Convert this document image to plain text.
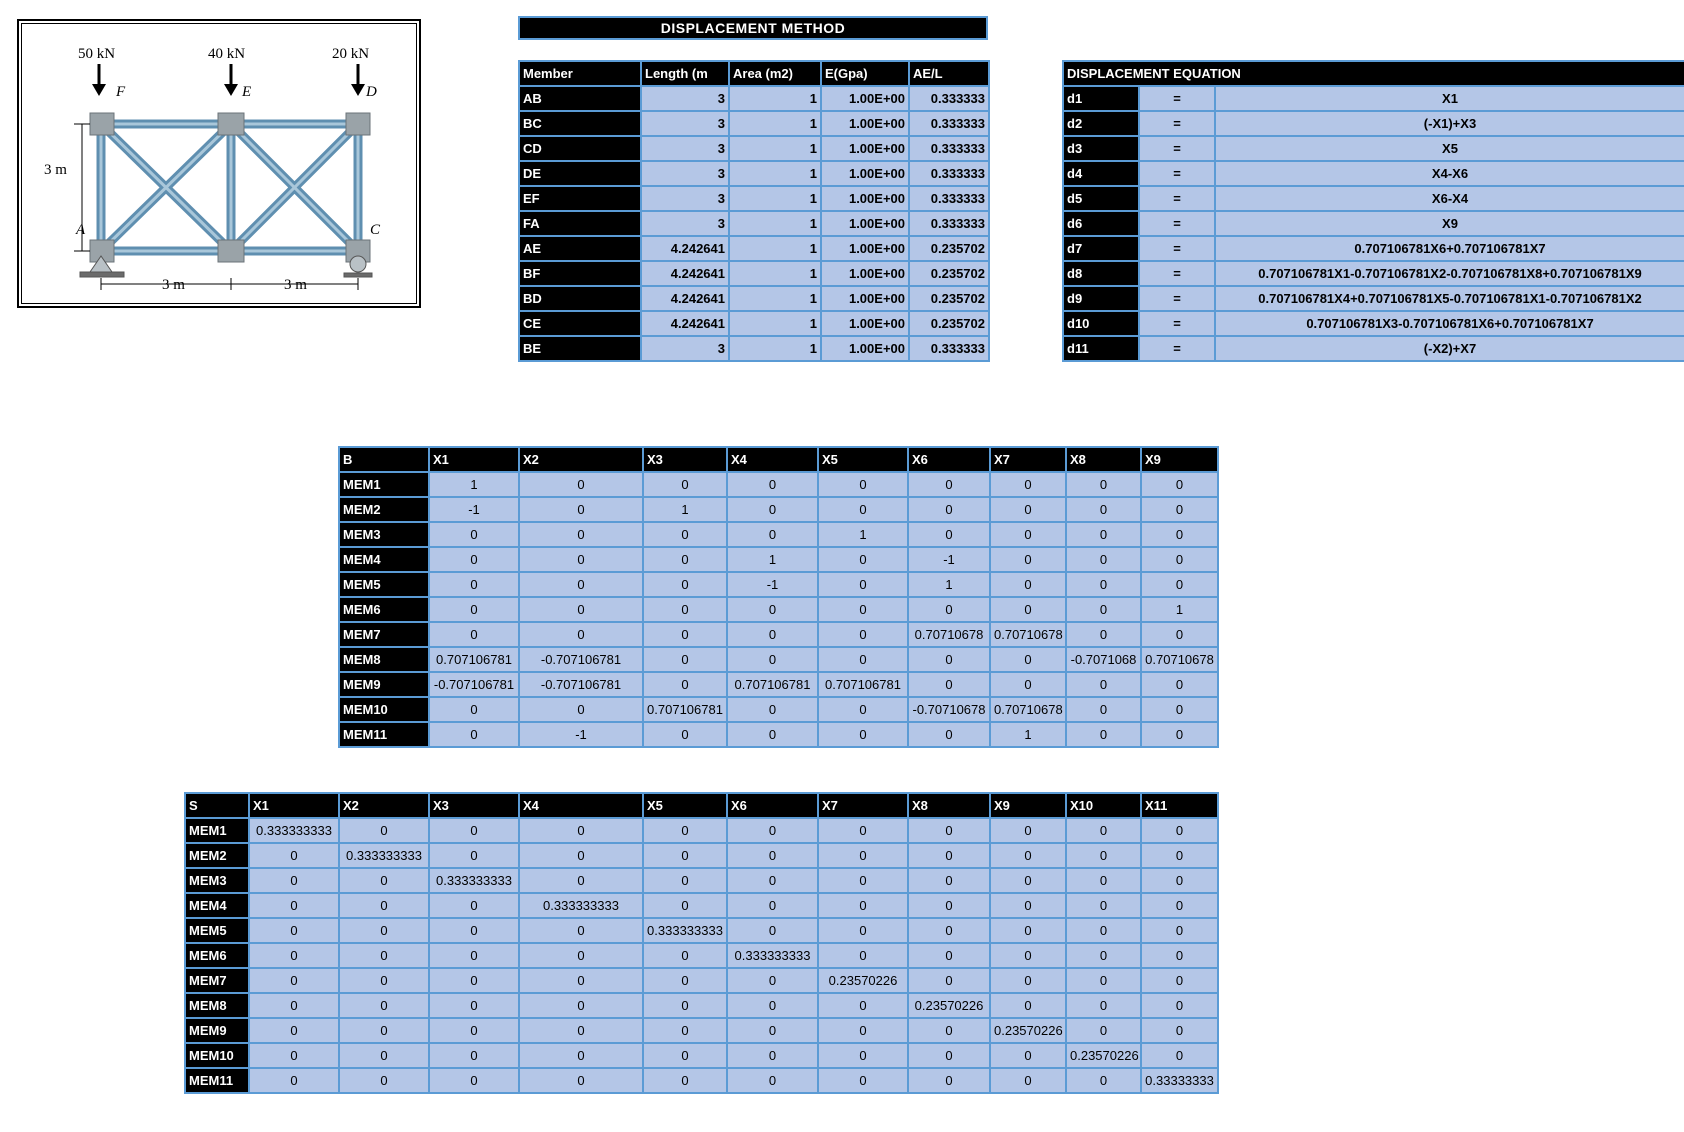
50 kN	40 kN	20 kN
F	E	D
A	C
3 m
3 m	3 m
DISPLACEMENT METHOD
Member	Length (m	Area (m2)	E(Gpa)	AE/L
AB	3	1	1.00E+00	0.333333
BC	3	1	1.00E+00	0.333333
CD	3	1	1.00E+00	0.333333
DE	3	1	1.00E+00	0.333333
EF	3	1	1.00E+00	0.333333
FA	3	1	1.00E+00	0.333333
AE	4.242641	1	1.00E+00	0.235702
BF	4.242641	1	1.00E+00	0.235702
BD	4.242641	1	1.00E+00	0.235702
CE	4.242641	1	1.00E+00	0.235702
BE	3	1	1.00E+00	0.333333
DISPLACEMENT EQUATION		
d1	=	X1
d2	=	(-X1)+X3
d3	=	X5
d4	=	X4-X6
d5	=	X6-X4
d6	=	X9
d7	=	0.707106781X6+0.707106781X7
d8	=	0.707106781X1-0.707106781X2-0.707106781X8+0.707106781X9
d9	=	0.707106781X4+0.707106781X5-0.707106781X1-0.707106781X2
d10	=	0.707106781X3-0.707106781X6+0.707106781X7
d11	=	(-X2)+X7
B	X1	X2	X3	X4	X5	X6	X7	X8	X9
MEM1	1	0	0	0	0	0	0	0	0
MEM2	-1	0	1	0	0	0	0	0	0
MEM3	0	0	0	0	1	0	0	0	0
MEM4	0	0	0	1	0	-1	0	0	0
MEM5	0	0	0	-1	0	1	0	0	0
MEM6	0	0	0	0	0	0	0	0	1
MEM7	0	0	0	0	0	0.70710678	0.70710678	0	0
MEM8	0.707106781	-0.707106781	0	0	0	0	0	-0.7071068	0.70710678
MEM9	-0.707106781	-0.707106781	0	0.707106781	0.707106781	0	0	0	0
MEM10	0	0	0.707106781	0	0	-0.70710678	0.70710678	0	0
MEM11	0	-1	0	0	0	0	1	0	0
S	X1	X2	X3	X4	X5	X6	X7	X8	X9	X10	X11
MEM1	0.333333333	0	0	0	0	0	0	0	0	0	0
MEM2	0	0.333333333	0	0	0	0	0	0	0	0	0
MEM3	0	0	0.333333333	0	0	0	0	0	0	0	0
MEM4	0	0	0	0.333333333	0	0	0	0	0	0	0
MEM5	0	0	0	0	0.333333333	0	0	0	0	0	0
MEM6	0	0	0	0	0	0.333333333	0	0	0	0	0
MEM7	0	0	0	0	0	0	0.23570226	0	0	0	0
MEM8	0	0	0	0	0	0	0	0.23570226	0	0	0
MEM9	0	0	0	0	0	0	0	0	0.23570226	0	0
MEM10	0	0	0	0	0	0	0	0	0	0.23570226	0
MEM11	0	0	0	0	0	0	0	0	0	0	0.33333333
